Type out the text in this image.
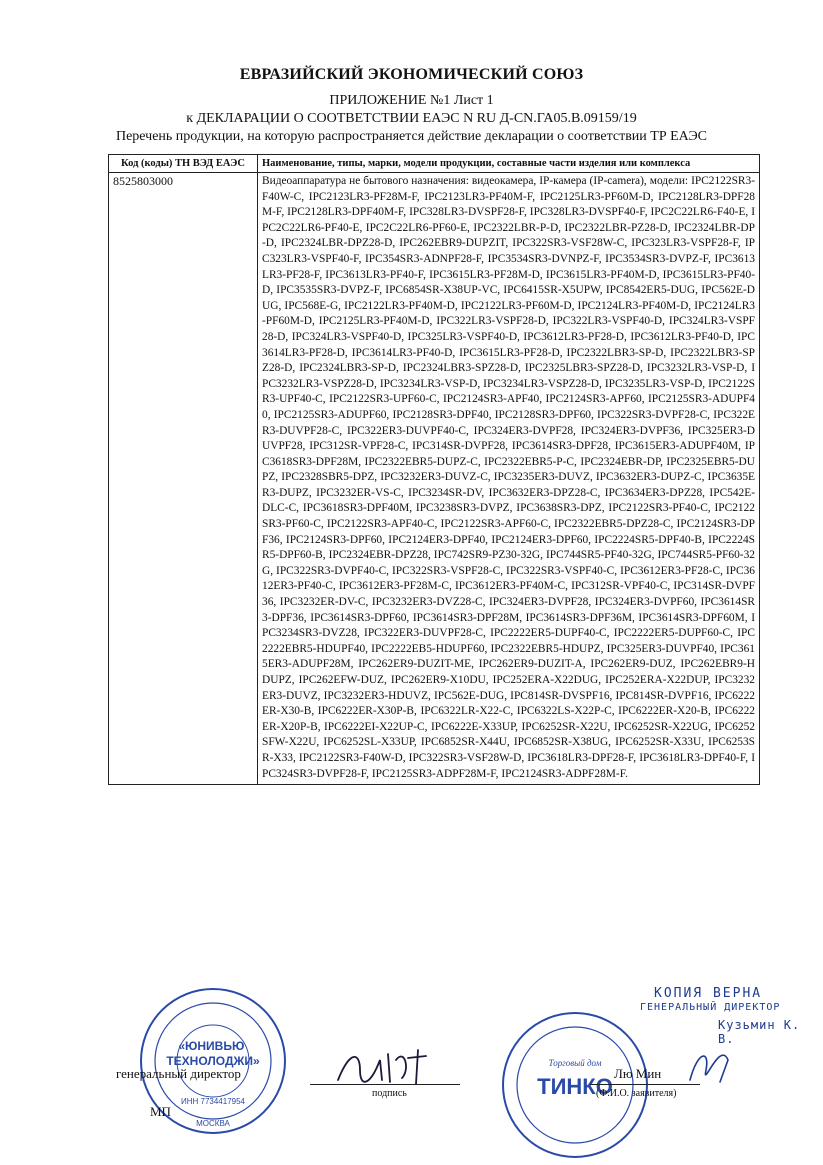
ЕВРАЗИЙСКИЙ ЭКОНОМИЧЕСКИЙ СОЮЗ
ПРИЛОЖЕНИЕ №1 Лист 1
к ДЕКЛАРАЦИИ О СООТВЕТСТВИИ ЕАЭС N RU Д-CN.ГА05.В.09159/19
Перечень продукции, на которую распространяется действие декларации о соответствии ТР ЕАЭС
Код (коды) ТН ВЭД ЕАЭС	Наименование, типы, марки, модели продукции, составные части изделия или комплекса
8525803000	Видеоаппаратура не бытового назначения: видеокамера, IP-камера (IP-camera), модели: IPC2122SR3-F40W-C, IPC2123LR3-PF28M-F, IPC2123LR3-PF40M-F, IPC2125LR3-PF60M-D, IPC2128LR3-DPF28M-F, IPC2128LR3-DPF40M-F, IPC328LR3-DVSPF28-F, IPC328LR3-DVSPF40-F, IPC2C22LR6-F40-E, IPC2C22LR6-PF40-E, IPC2C22LR6-PF60-E, IPC2322LBR-P-D, IPC2322LBR-PZ28-D, IPC2324LBR-DP-D, IPC2324LBR-DPZ28-D, IPC262EBR9-DUPZIT, IPC322SR3-VSF28W-C, IPC323LR3-VSPF28-F, IPC323LR3-VSPF40-F, IPC354SR3-ADNPF28-F, IPC3534SR3-DVNPZ-F, IPC3534SR3-DVPZ-F, IPC3613LR3-PF28-F, IPC3613LR3-PF40-F, IPC3615LR3-PF28M-D, IPC3615LR3-PF40M-D, IPC3615LR3-PF40-D, IPC3535SR3-DVPZ-F, IPC6854SR-X38UP-VC, IPC6415SR-X5UPW, IPC8542ER5-DUG, IPC562E-DUG, IPC568E-G, IPC2122LR3-PF40M-D, IPC2122LR3-PF60M-D, IPC2124LR3-PF40M-D, IPC2124LR3-PF60M-D, IPC2125LR3-PF40M-D, IPC322LR3-VSPF28-D, IPC322LR3-VSPF40-D, IPC324LR3-VSPF28-D, IPC324LR3-VSPF40-D, IPC325LR3-VSPF40-D, IPC3612LR3-PF28-D, IPC3612LR3-PF40-D, IPC3614LR3-PF28-D, IPC3614LR3-PF40-D, IPC3615LR3-PF28-D, IPC2322LBR3-SP-D, IPC2322LBR3-SPZ28-D, IPC2324LBR3-SP-D, IPC2324LBR3-SPZ28-D, IPC2325LBR3-SPZ28-D, IPC3232LR3-VSP-D, IPC3232LR3-VSPZ28-D, IPC3234LR3-VSP-D, IPC3234LR3-VSPZ28-D, IPC3235LR3-VSP-D, IPC2122SR3-UPF40-C, IPC2122SR3-UPF60-C, IPC2124SR3-APF40, IPC2124SR3-APF60, IPC2125SR3-ADUPF40, IPC2125SR3-ADUPF60, IPC2128SR3-DPF40, IPC2128SR3-DPF60, IPC322SR3-DVPF28-C, IPC322ER3-DUVPF28-C, IPC322ER3-DUVPF40-C, IPC324ER3-DVPF28, IPC324ER3-DVPF36, IPC325ER3-DUVPF28, IPC312SR-VPF28-C, IPC314SR-DVPF28, IPC3614SR3-DPF28, IPC3615ER3-ADUPF40M, IPC3618SR3-DPF28M, IPC2322EBR5-DUPZ-C, IPC2322EBR5-P-C, IPC2324EBR-DP, IPC2325EBR5-DUPZ, IPC2328SBR5-DPZ, IPC3232ER3-DUVZ-C, IPC3235ER3-DUVZ, IPC3632ER3-DUPZ-C, IPC3635ER3-DUPZ, IPC3232ER-VS-C, IPC3234SR-DV, IPC3632ER3-DPZ28-C, IPC3634ER3-DPZ28, IPC542E-DLC-C, IPC3618SR3-DPF40M, IPC3238SR3-DVPZ, IPC3638SR3-DPZ, IPC2122SR3-PF40-C, IPC2122SR3-PF60-C, IPC2122SR3-APF40-C, IPC2122SR3-APF60-C, IPC2322EBR5-DPZ28-C, IPC2124SR3-DPF36, IPC2124SR3-DPF60, IPC2124ER3-DPF40, IPC2124ER3-DPF60, IPC2224SR5-DPF40-B, IPC2224SR5-DPF60-B, IPC2324EBR-DPZ28, IPC742SR9-PZ30-32G, IPC744SR5-PF40-32G, IPC744SR5-PF60-32G, IPC322SR3-DVPF40-C, IPC322SR3-VSPF28-C, IPC322SR3-VSPF40-C, IPC3612ER3-PF28-C, IPC3612ER3-PF40-C, IPC3612ER3-PF28M-C, IPC3612ER3-PF40M-C, IPC312SR-VPF40-C, IPC314SR-DVPF36, IPC3232ER-DV-C, IPC3232ER3-DVZ28-C, IPC324ER3-DVPF28, IPC324ER3-DVPF60, IPC3614SR3-DPF36, IPC3614SR3-DPF60, IPC3614SR3-DPF28M, IPC3614SR3-DPF36M, IPC3614SR3-DPF60M, IPC3234SR3-DVZ28, IPC322ER3-DUVPF28-C, IPC2222ER5-DUPF40-C, IPC2222ER5-DUPF60-C, IPC2222EBR5-HDUPF40, IPC2222EB5-HDUPF60, IPC2322EBR5-HDUPZ, IPC325ER3-DUVPF40, IPC3615ER3-ADUPF28M, IPC262ER9-DUZIT-ME, IPC262ER9-DUZIT-A, IPC262ER9-DUZ, IPC262EBR9-HDUPZ, IPC262EFW-DUZ, IPC262ER9-X10DU, IPC252ERA-X22DUG, IPC252ERA-X22DUP, IPC3232ER3-DUVZ, IPC3232ER3-HDUVZ, IPC562E-DUG, IPC814SR-DVSPF16, IPC814SR-DVPF16, IPC6222ER-X30-B, IPC6222ER-X30P-B, IPC6322LR-X22-C, IPC6322LS-X22P-C, IPC6222ER-X20-B, IPC6222ER-X20P-B, IPC6222EI-X22UP-C, IPC6222E-X33UP, IPC6252SR-X22U, IPC6252SR-X22UG, IPC6252SFW-X22U, IPC6252SL-X33UP, IPC6852SR-X44U, IPC6852SR-X38UG, IPC6252SR-X33U, IPC6253SR-X33, IPC2122SR3-F40W-D, IPC322SR3-VSF28W-D, IPC3618LR3-DPF28-F, IPC3618LR3-DPF40-F, IPC324SR3-DVPF28-F, IPC2125SR3-ADPF28M-F, IPC2124SR3-ADPF28M-F.
«ЮНИВЬЮ ТЕХНОЛОДЖИ»
ИНН 7734417954
МОСКВА
генеральный директор
МП
подпись
Торговый дом
ТИНКО
КОПИЯ ВЕРНА
ГЕНЕРАЛЬНЫЙ ДИРЕКТОР
Кузьмин К. В.
Лю Мин
(Ф.И.О. заявителя)
